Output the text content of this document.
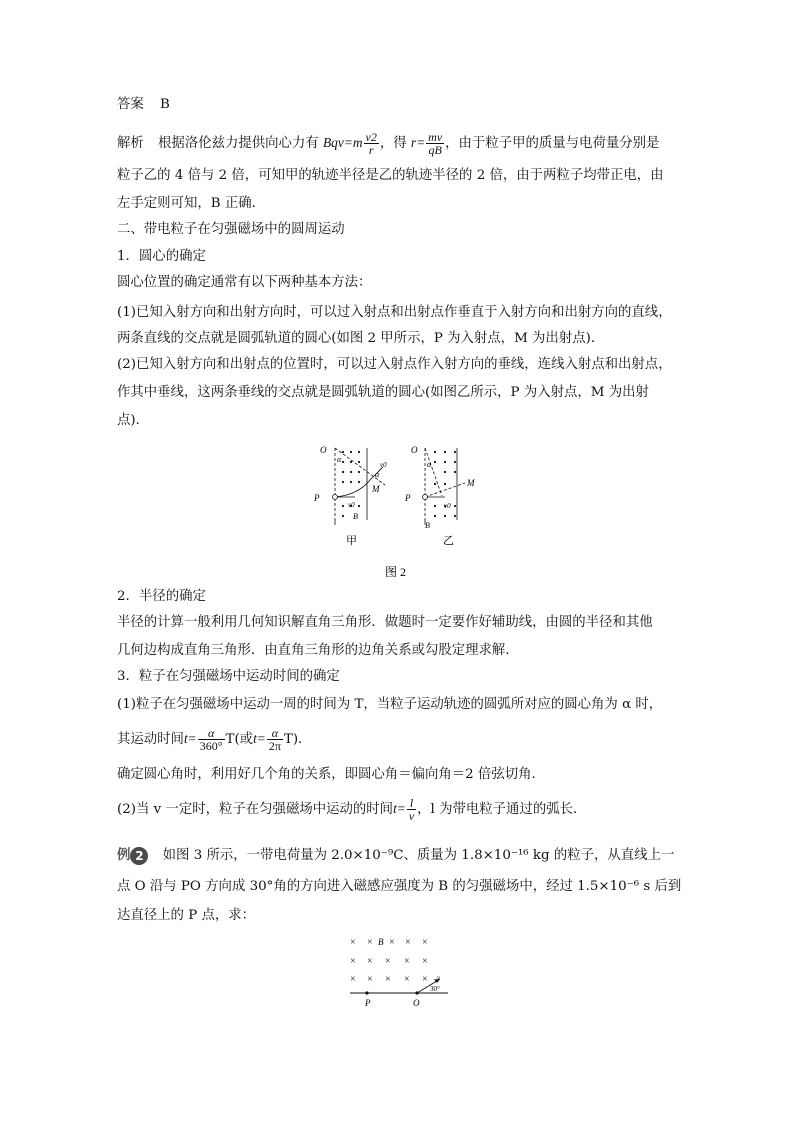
答案 B
解析 根据洛伦兹力提供向心力有 $Bqv=m \frac{v2}{r}$ ，得 $r= \frac{mv}{qB}$ ，由于粒子甲的质量与电荷量分别是
粒子乙的 4 倍与 2 倍，可知甲的轨迹半径是乙的轨迹半径的 2 倍，由于两粒子均带正电，由
左手定则可知，B 正确．
二、带电粒子在匀强磁场中的圆周运动
1．圆心的确定
圆心位置的确定通常有以下两种基本方法：
(1)已知入射方向和出射方向时，可以过入射点和出射点作垂直于入射方向和出射方向的直线，
两条直线的交点就是圆弧轨道的圆心(如图 2 甲所示，P 为入射点，M 为出射点)．
(2)已知入射方向和出射点的位置时，可以过入射点作入射方向的垂线，连线入射点和出射点，
作其中垂线，这两条垂线的交点就是圆弧轨道的圆心(如图乙所示，P 为入射点，M 为出射
点)．
O
α
α
v0
M
P
v0
B
甲
O
α
M
P
v0
B
乙
图 2
2．半径的确定
半径的计算一般利用几何知识解直角三角形．做题时一定要作好辅助线，由圆的半径和其他
几何边构成直角三角形．由直角三角形的边角关系或勾股定理求解．
3．粒子在匀强磁场中运动时间的确定
(1)粒子在匀强磁场中运动一周的时间为 T，当粒子运动轨迹的圆弧所对应的圆心角为 α 时，
其运动时间$t= \frac{\alpha}{360^\circ} T$(或$t= \frac{\alpha}{2\pi} T$)．
确定圆心角时，利用好几个角的关系，即圆心角＝偏向角＝2 倍弦切角．
(2)当 v 一定时，粒子在匀强磁场中运动的时间$t= \frac{l}{v}$ ，l 为带电粒子通过的弧长．
例 2 如图 3 所示，一带电荷量为 2.0×10⁻⁹C、质量为 1.8×10⁻¹⁶ kg 的粒子，从直线上一
点 O 沿与 PO 方向成 30°角的方向进入磁感应强度为 B 的匀强磁场中，经过 1.5×10⁻⁶ s 后到
达直径上的 P 点，求：
× × × × ×
× × × × ×
× × × × ×
B
v
30°
P	O
